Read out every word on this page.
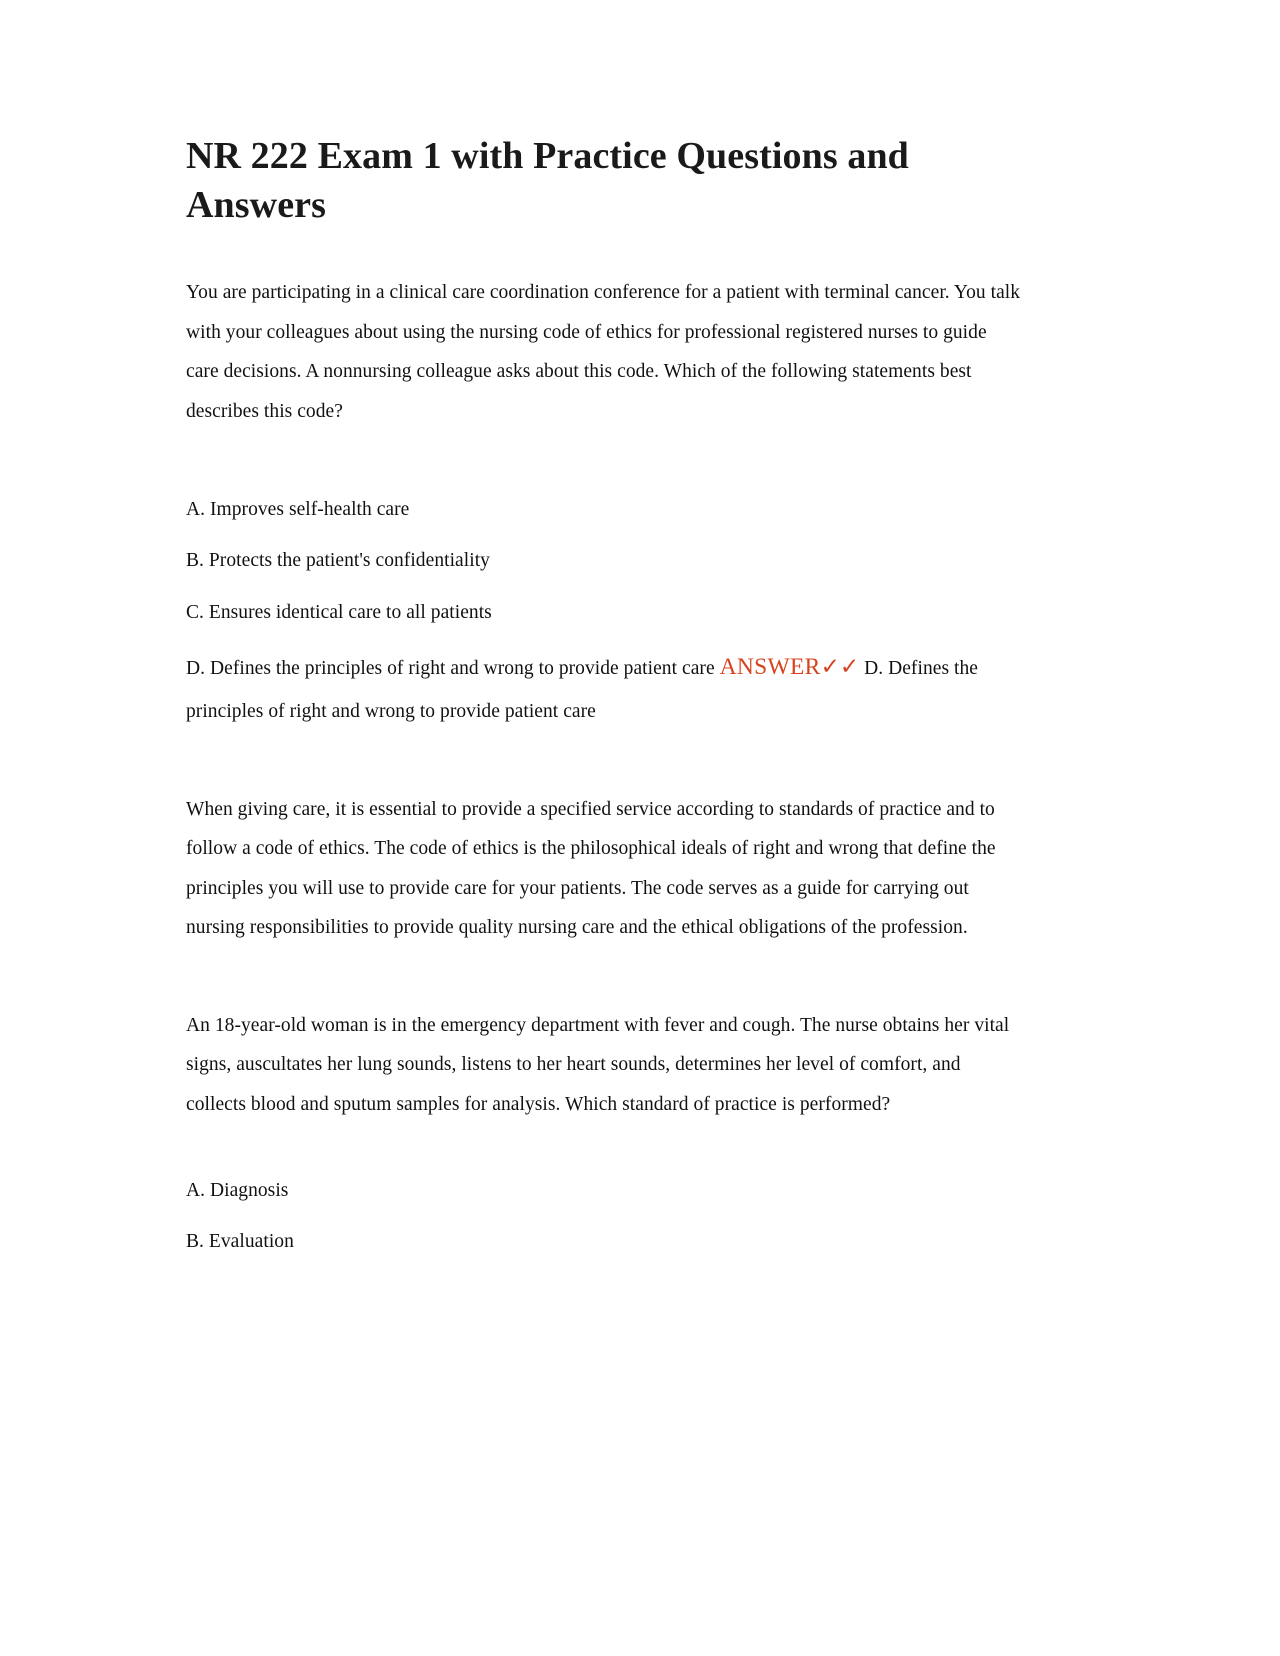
NR 222 Exam 1 with Practice Questions and Answers

You are participating in a clinical care coordination conference for a patient with terminal cancer. You talk with your colleagues about using the nursing code of ethics for professional registered nurses to guide care decisions. A nonnursing colleague asks about this code. Which of the following statements best describes this code?

A. Improves self-health care

B. Protects the patient's confidentiality

C. Ensures identical care to all patients

D. Defines the principles of right and wrong to provide patient care ANSWER✓✓ D. Defines the principles of right and wrong to provide patient care

When giving care, it is essential to provide a specified service according to standards of practice and to follow a code of ethics. The code of ethics is the philosophical ideals of right and wrong that define the principles you will use to provide care for your patients. The code serves as a guide for carrying out nursing responsibilities to provide quality nursing care and the ethical obligations of the profession.

An 18-year-old woman is in the emergency department with fever and cough. The nurse obtains her vital signs, auscultates her lung sounds, listens to her heart sounds, determines her level of comfort, and collects blood and sputum samples for analysis. Which standard of practice is performed?

A. Diagnosis

B. Evaluation
